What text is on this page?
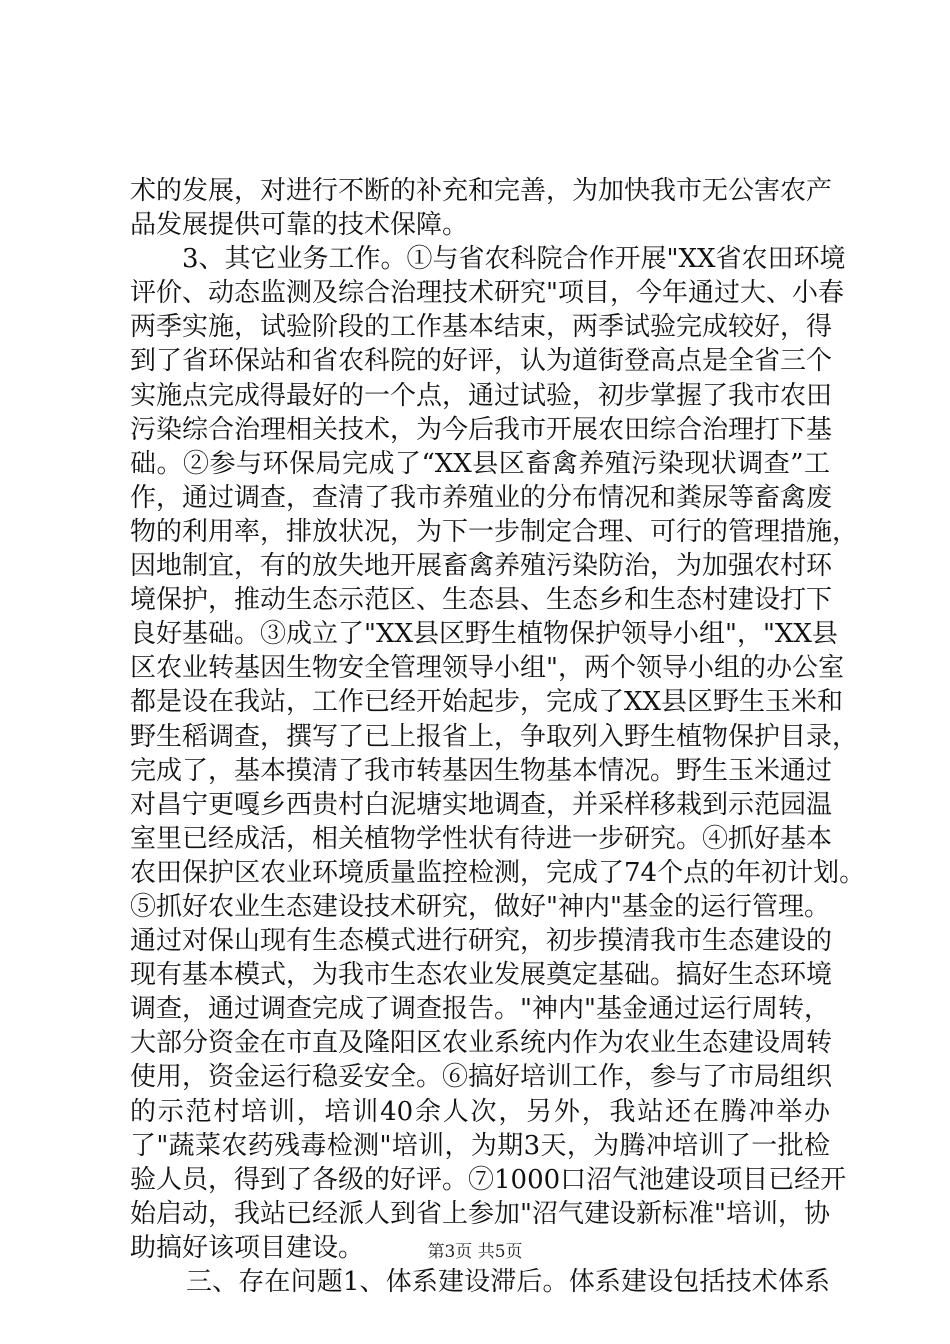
术的发展，对进行不断的补充和完善，为加快我市无公害农产
品发展提供可靠的技术保障。
3、其它业务工作。①与省农科院合作开展"XX省农田环境
评价、动态监测及综合治理技术研究"项目，今年通过大、小春
两季实施，试验阶段的工作基本结束，两季试验完成较好，得
到了省环保站和省农科院的好评，认为道街登高点是全省三个
实施点完成得最好的一个点，通过试验，初步掌握了我市农田
污染综合治理相关技术，为今后我市开展农田综合治理打下基
础。②参与环保局完成了“XX县区畜禽养殖污染现状调查”工
作，通过调查，查清了我市养殖业的分布情况和粪尿等畜禽废
物的利用率，排放状况，为下一步制定合理、可行的管理措施，
因地制宜，有的放失地开展畜禽养殖污染防治，为加强农村环
境保护，推动生态示范区、生态县、生态乡和生态村建设打下
良好基础。③成立了"XX县区野生植物保护领导小组"，"XX县
区农业转基因生物安全管理领导小组"，两个领导小组的办公室
都是设在我站，工作已经开始起步，完成了XX县区野生玉米和
野生稻调查，撰写了已上报省上，争取列入野生植物保护目录，
完成了，基本摸清了我市转基因生物基本情况。野生玉米通过
对昌宁更嘎乡西贵村白泥塘实地调查，并采样移栽到示范园温
室里已经成活，相关植物学性状有待进一步研究。④抓好基本
农田保护区农业环境质量监控检测，完成了74个点的年初计划。
⑤抓好农业生态建设技术研究，做好"神内"基金的运行管理。
通过对保山现有生态模式进行研究，初步摸清我市生态建设的
现有基本模式，为我市生态农业发展奠定基础。搞好生态环境
调查，通过调查完成了调查报告。"神内"基金通过运行周转，
大部分资金在市直及隆阳区农业系统内作为农业生态建设周转
使用，资金运行稳妥安全。⑥搞好培训工作，参与了市局组织
的示范村培训，培训40余人次，另外，我站还在腾冲举办
了"蔬菜农药残毒检测"培训，为期3天，为腾冲培训了一批检
验人员，得到了各级的好评。⑦1000口沼气池建设项目已经开
始启动，我站已经派人到省上参加"沼气建设新标准"培训，协
助搞好该项目建设。
三、存在问题1、体系建设滞后。体系建设包括技术体系
第3页 共5页
